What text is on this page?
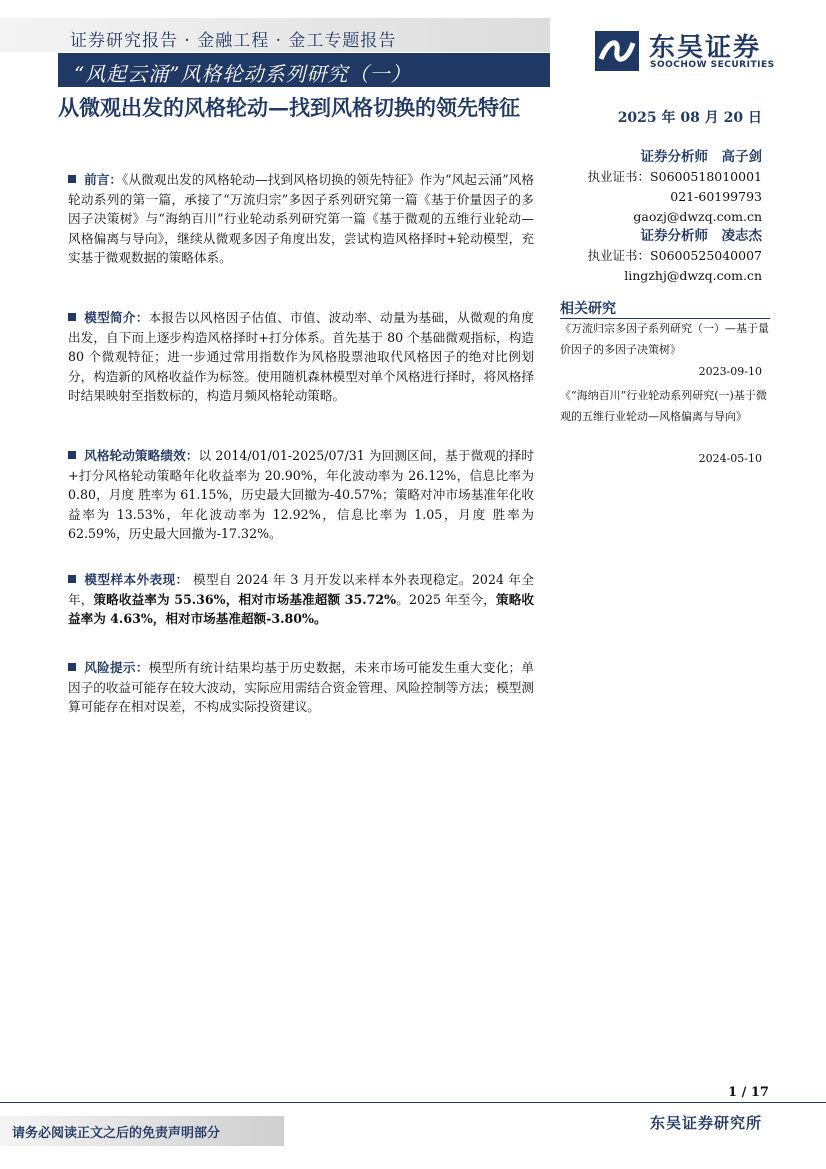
证券研究报告 · 金融工程 · 金工专题报告
“风起云涌”风格轮动系列研究（一）
东吴证券
SOOCHOW SECURITIES
从微观出发的风格轮动—找到风格切换的领先特征	2025 年 08 月 20 日
证券分析师　高子剑
执业证书：S0600518010001
021-60199793
gaozj@dwzq.com.cn
证券分析师　凌志杰
执业证书：S0600525040007
lingzhj@dwzq.com.cn
相关研究
《万流归宗多因子系列研究（一）—基于量价因子的多因子决策树》
2023-09-10
《“海纳百川”行业轮动系列研究(一)基于微观的五维行业轮动—风格偏离与导向》
2024-05-10
前言：《从微观出发的风格轮动—找到风格切换的领先特征》作为“风起云涌”风格轮动系列的第一篇，承接了“万流归宗”多因子系列研究第一篇《基于价量因子的多因子决策树》与“海纳百川”行业轮动系列研究第一篇《基于微观的五维行业轮动—风格偏离与导向》，继续从微观多因子角度出发，尝试构造风格择时+轮动模型，充实基于微观数据的策略体系。
模型简介：本报告以风格因子估值、市值、波动率、动量为基础，从微观的角度出发，自下而上逐步构造风格择时+打分体系。首先基于 80 个基础微观指标，构造 80 个微观特征；进一步通过常用指数作为风格股票池取代风格因子的绝对比例划分，构造新的风格收益作为标签。使用随机森林模型对单个风格进行择时，将风格择时结果映射至指数标的，构造月频风格轮动策略。
风格轮动策略绩效：以 2014/01/01-2025/07/31 为回测区间，基于微观的择时+打分风格轮动策略年化收益率为 20.90%，年化波动率为 26.12%，信息比率为 0.80，月度 胜率为 61.15%，历史最大回撤为-40.57%；策略对冲市场基准年化收益率为 13.53%，年化波动率为 12.92%，信息比率为 1.05，月度 胜率为 62.59%，历史最大回撤为-17.32%。
模型样本外表现： 模型自 2024 年 3 月开发以来样本外表现稳定。2024 年全年，策略收益率为 55.36%，相对市场基准超额 35.72%。2025 年至今，策略收益率为 4.63%，相对市场基准超额-3.80%。
风险提示：模型所有统计结果均基于历史数据，未来市场可能发生重大变化；单因子的收益可能存在较大波动，实际应用需结合资金管理、风险控制等方法；模型测算可能存在相对误差，不构成实际投资建议。
1 / 17
请务必阅读正文之后的免责声明部分
东吴证券研究所
